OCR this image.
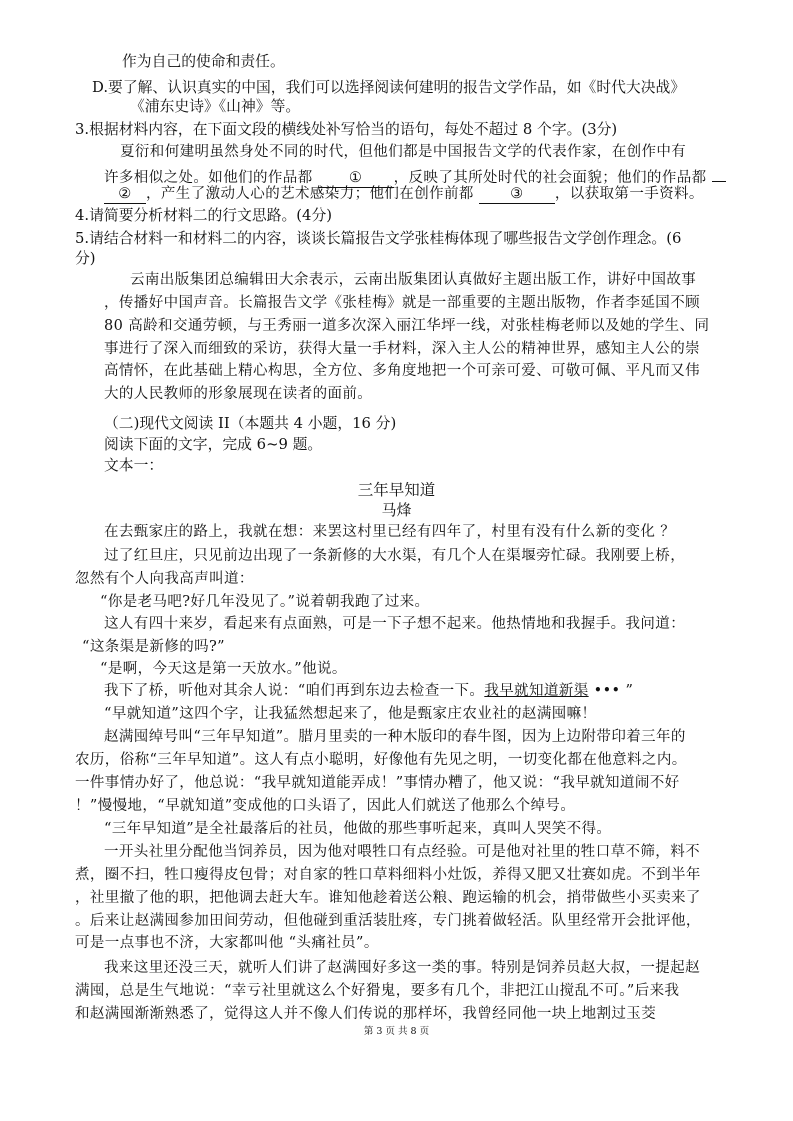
作为自己的使命和责任。

D.要了解、认识真实的中国，我们可以选择阅读何建明的报告文学作品，如《时代大决战》

《浦东史诗》《山神》等。

3.根据材料内容，在下面文段的横线处补写恰当的语句，每处不超过 8 个字。(3分)

夏衍和何建明虽然身处不同的时代，但他们都是中国报告文学的代表作家，在创作中有

许多相似之处。如他们的作品都	① ，反映了其所处时代的社会面貌；他们的作品都

② ，产生了激动人心的艺术感染力；他们在创作前都	③ ，以获取第一手资料。

4.请简要分析材料二的行文思路。(4分)

5.请结合材料一和材料二的内容，谈谈长篇报告文学张桂梅体现了哪些报告文学创作理念。(6

分)

云南出版集团总编辑田大余表示，云南出版集团认真做好主题出版工作，讲好中国故事

，传播好中国声音。长篇报告文学《张桂梅》就是一部重要的主题出版物，作者李延国不顾

80 高龄和交通劳顿，与王秀丽一道多次深入丽江华坪一线，对张桂梅老师以及她的学生、同

事进行了深入而细致的采访，获得大量一手材料，深入主人公的精神世界，感知主人公的崇

高情怀，在此基础上精心构思，全方位、多角度地把一个可亲可爱、可敬可佩、平凡而又伟

大的人民教师的形象展现在读者的面前。

（二)现代文阅读 II（本题共 4 小题，16 分)

阅读下面的文字，完成 6~9 题。

文本一：

三年早知道

马烽

在去甄家庄的路上，我就在想：来罢这村里已经有四年了，村里有没有什么新的变化 ？

过了红旦庄，只见前边出现了一条新修的大水渠，有几个人在渠堰旁忙碌。我刚要上桥，

忽然有个人向我高声叫道：

“你是老马吧?好几年没见了。”说着朝我跑了过来。

这人有四十来岁，看起来有点面熟，可是一下子想不起来。他热情地和我握手。我问道：

“这条渠是新修的吗?”

“是啊，今天这是第一天放水。”他说。

我下了桥，听他对其余人说：“咱们再到东边去检查一下。我早就知道新渠 ••• ”

“早就知道”这四个字，让我猛然想起来了，他是甄家庄农业社的赵满囤嘛！

赵满囤绰号叫“三年早知道”。腊月里卖的一种木版印的春牛图，因为上边附带印着三年的

农历，俗称“三年早知道”。这人有点小聪明，好像他有先见之明，一切变化都在他意料之内。

一件事情办好了，他总说：“我早就知道能弄成！”事情办糟了，他又说：“我早就知道闹不好

！”慢慢地，“早就知道”变成他的口头语了，因此人们就送了他那么个绰号。

“三年早知道”是全社最落后的社员，他做的那些事听起来，真叫人哭笑不得。

一开头社里分配他当饲养员，因为他对喂牲口有点经验。可是他对社里的牲口草不筛，料不

煮，圈不扫，牲口瘦得皮包骨；对自家的牲口草料细料小灶饭，养得又肥又壮赛如虎。不到半年

，社里撤了他的职，把他调去赶大车。谁知他趁着送公粮、跑运输的机会，捎带做些小买卖来了

。后来让赵满囤参加田间劳动，但他碰到重活装肚疼，专门挑着做轻活。队里经常开会批评他，

可是一点事也不济，大家都叫他 “头痛社员”。

我来这里还没三天，就听人们讲了赵满囤好多这一类的事。特别是饲养员赵大叔，一提起赵

满囤，总是生气地说：“幸亏社里就这么个好猾鬼，要多有几个，非把江山搅乱不可。”后来我

和赵满囤渐渐熟悉了，觉得这人并不像人们传说的那样坏，我曾经同他一块上地割过玉茭

第 3 页 共 8 页
